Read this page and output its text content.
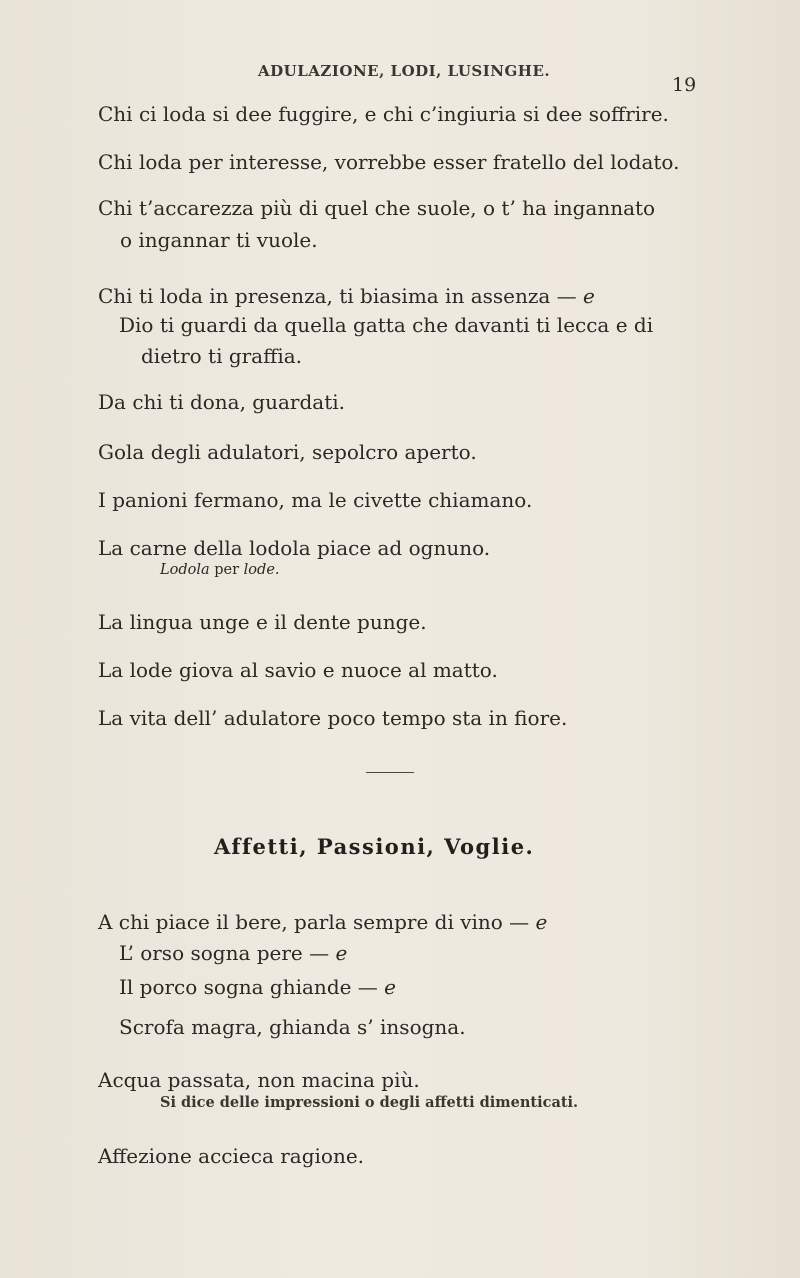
ADULAZIONE, LODI, LUSINGHE.
19
Chi ci loda si dee fuggire, e chi c’ingiuria si dee soffrire.
Chi loda per interesse, vorrebbe esser fratello del lodato.
Chi t’accarezza più di quel che suole, o t’ ha ingannato
o ingannar ti vuole.
Chi ti loda in presenza, ti biasima in assenza — e
Dio ti guardi da quella gatta che davanti ti lecca e di
dietro ti graffia.
Da chi ti dona, guardati.
Gola degli adulatori, sepolcro aperto.
I panioni fermano, ma le civette chiamano.
La carne della lodola piace ad ognuno.
Lodola per lode.
La lingua unge e il dente punge.
La lode giova al savio e nuoce al matto.
La vita dell’ adulatore poco tempo sta in fiore.
Affetti, Passioni, Voglie.
A chi piace il bere, parla sempre di vino — e
L’ orso sogna pere — e
Il porco sogna ghiande — e
Scrofa magra, ghianda s’ insogna.
Acqua passata, non macina più.
Si dice delle impressioni o degli affetti dimenticati.
Affezione accieca ragione.
